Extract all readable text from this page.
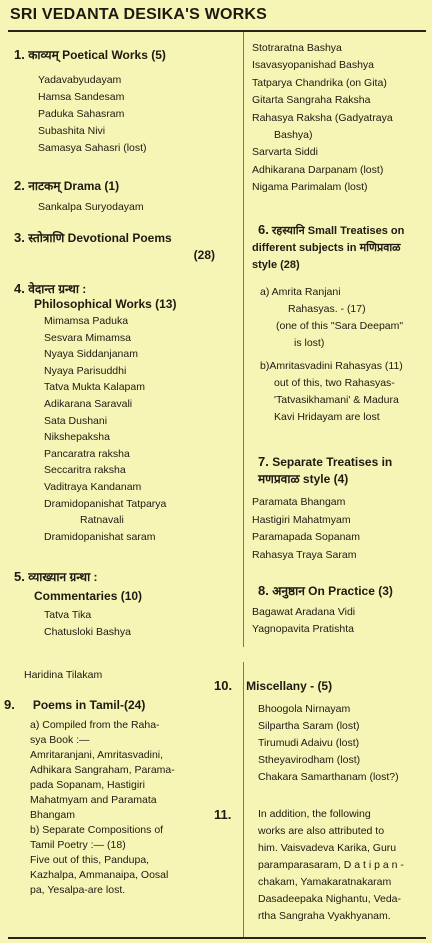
SRI VEDANTA DESIKA'S WORKS
1. काव्यम् Poetical Works (5)

Yadavabyudayam

Hamsa Sandesam

Paduka Sahasram

Subashita Nivi

Samasya Sahasri (lost)

2. नाटकम् Drama (1)

Sankalpa Suryodayam

3. स्तोत्राणि Devotional Poems
(28)
4. वेदान्त ग्रन्था :
Philosophical Works (13)

Mimamsa Paduka

Sesvara Mimamsa

Nyaya Siddanjanam

Nyaya Parisuddhi

Tatva Mukta Kalapam

Adikarana Saravali

Sata Dushani

Nikshepaksha

Pancaratra raksha

Seccaritra raksha

Vaditraya Kandanam

Dramidopanishat Tatparya

Ratnavali

Dramidopanishat saram

5. व्याख्यान ग्रन्था :
Commentaries (10)

Tatva Tika

Chatusloki Bashya

Haridina Tilakam
9. Poems in Tamil-(24)

a) Compiled from the Raha-

sya Book :—

Amritaranjani, Amritasvadini,

Adhikara Sangraham, Parama-

pada Sopanam, Hastigiri

Mahatmyam and Paramata

Bhangam

b) Separate Compositions of

Tamil Poetry :— (18)

Five out of this, Pandupa,

Kazhalpa, Ammanaipa, Oosal

pa, Yesalpa-are lost.

Stotraratna Bashya

Isavasyopanishad Bashya

Tatparya Chandrika (on Gita)

Gitarta Sangraha Raksha

Rahasya Raksha (Gadyatraya

Bashya)

Sarvarta Siddi

Adhikarana Darpanam (lost)

Nigama Parimalam (lost)

6. रहस्यानि Small Treatises on
different subjects in मणिप्रवाळ
style (28)

a) Amrita Ranjani

Rahasyas. - (17)

(one of this "Sara Deepam"

is lost)

b)Amritasvadini Rahasyas (11)

out of this, two Rahasyas-

'Tatvasikhamani' & Madura

Kavi Hridayam are lost

7. Separate Treatises in
मणप्रवाळ style (4)

Paramata Bhangam

Hastigiri Mahatmyam

Paramapada Sopanam

Rahasya Traya Saram

8. अनुष्ठान On Practice (3)

Bagawat Aradana Vidi

Yagnopavita Pratishta

10. Miscellany - (5)

Bhoogola Nirnayam

Silpartha Saram (lost)

Tirumudi Adaivu (lost)

Stheyavirodham (lost)

Chakara Samarthanam (lost?)

11.	In addition, the following

works are also attributed to

him. Vaisvadeva Karika, Guru

paramparasaram, D a t i p a n -

chakam, Yamakaratnakaram

Dasadeepaka Nighantu, Veda-

rtha Sangraha Vyakhyanam.
